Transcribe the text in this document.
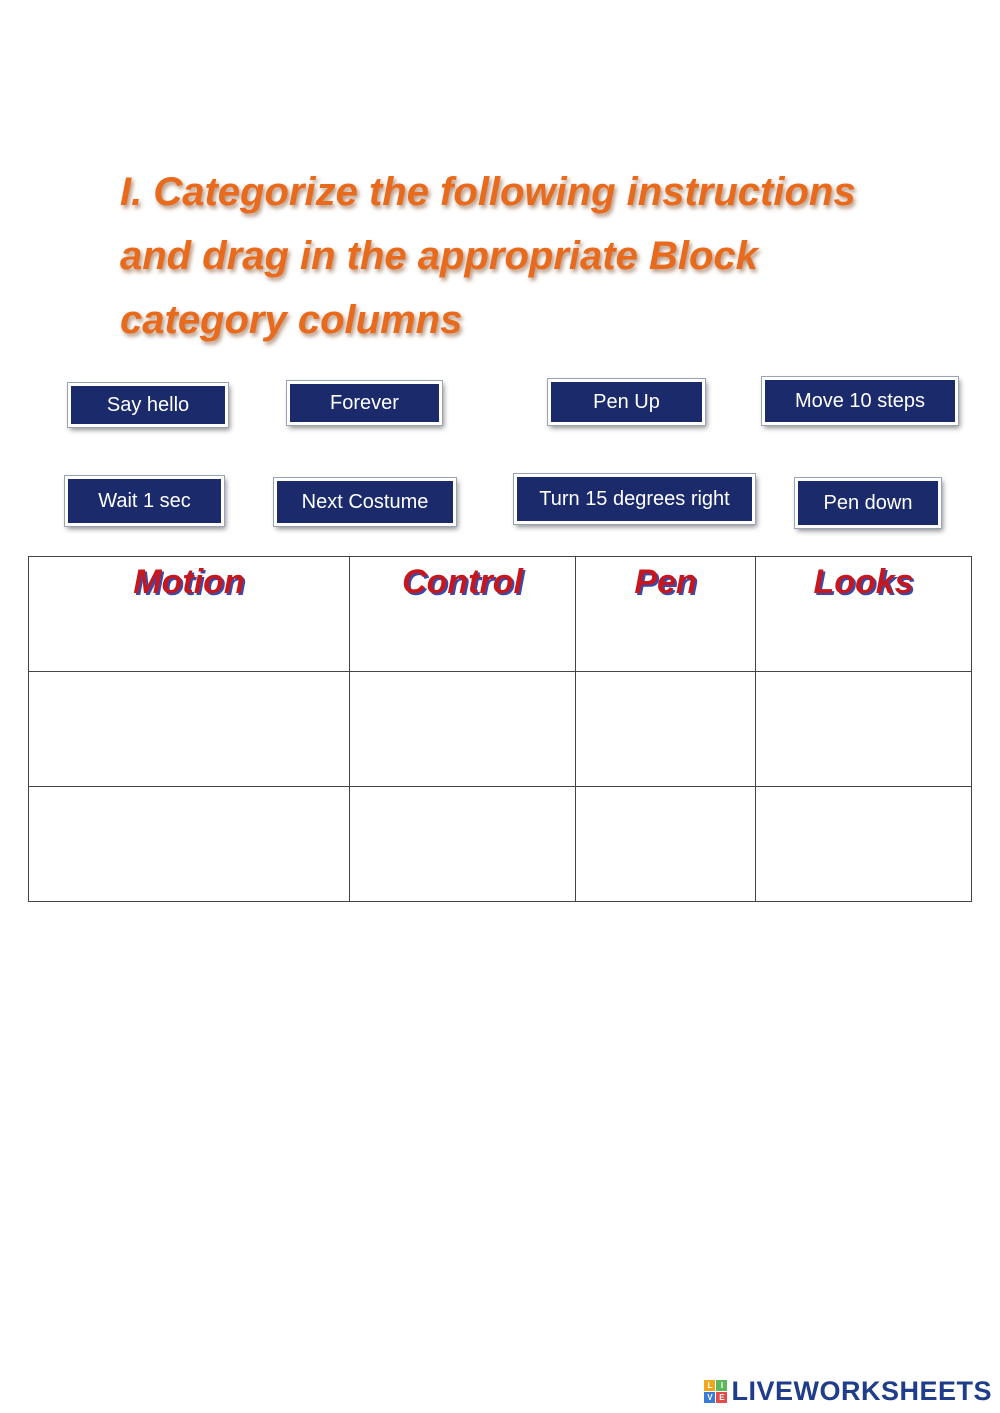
I. Categorize the following instructions
and drag in the appropriate Block
category columns
Say hello	Forever	Pen Up	Move 10 steps
Wait 1 sec	Next Costume	Turn 15 degrees right	Pen down
Motion	Control	Pen	Looks

L	I
V E LIVEWORKSHEETS
